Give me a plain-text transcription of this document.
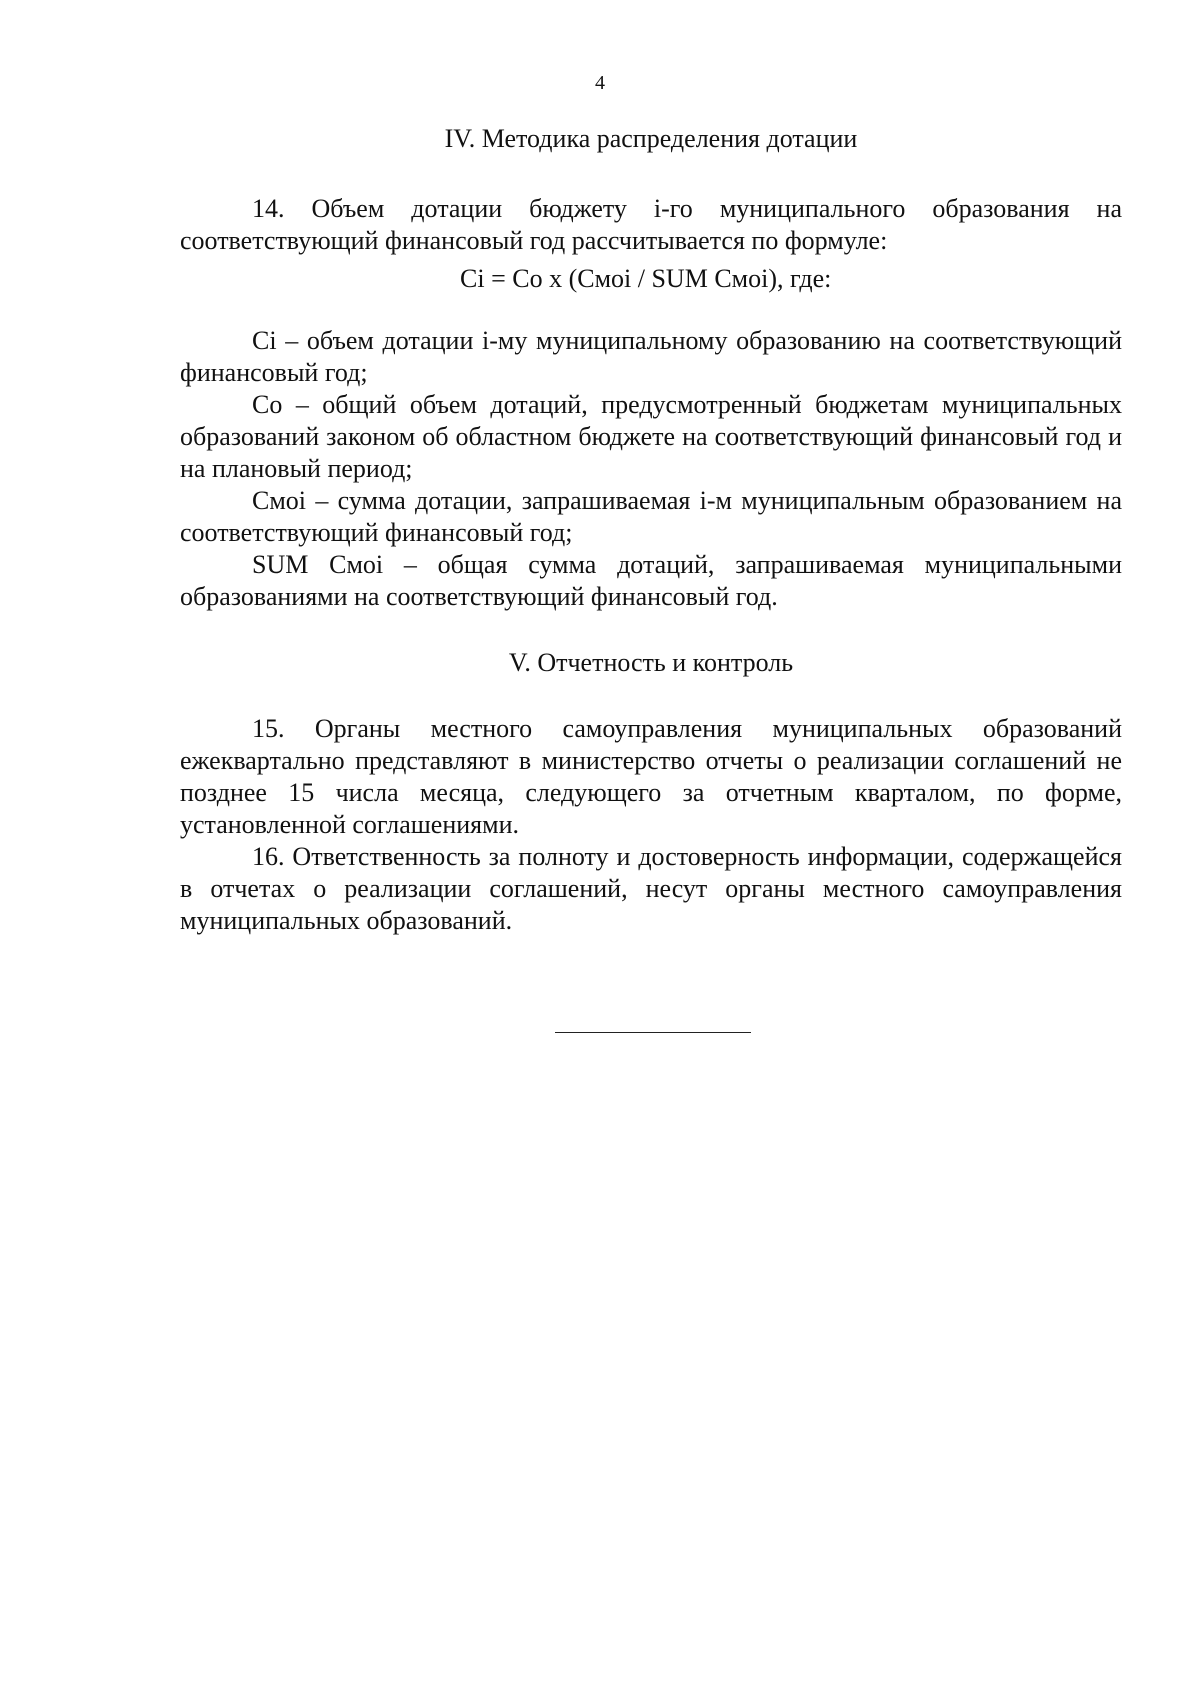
4
IV. Методика распределения дотации

14. Объем дотации бюджету i-го муниципального образования на соответствующий финансовый год рассчитывается по формуле:

Ci = Co x (Смоi / SUM Смоi), где:

Ci – объем дотации i-му муниципальному образованию на соответствующий финансовый год;

Co – общий объем дотаций, предусмотренный бюджетам муниципальных образований законом об областном бюджете на соответствующий финансовый год и на плановый период;

Смоi – сумма дотации, запрашиваемая i-м муниципальным образованием на соответствующий финансовый год;

SUM Смоi – общая сумма дотаций, запрашиваемая муниципальными образованиями на соответствующий финансовый год.

V. Отчетность и контроль

15. Органы местного самоуправления муниципальных образований ежеквартально представляют в министерство отчеты о реализации соглашений не позднее 15 числа месяца, следующего за отчетным кварталом, по форме, установленной соглашениями.

16. Ответственность за полноту и достоверность информации, содержащейся в отчетах о реализации соглашений, несут органы местного самоуправления муниципальных образований.
